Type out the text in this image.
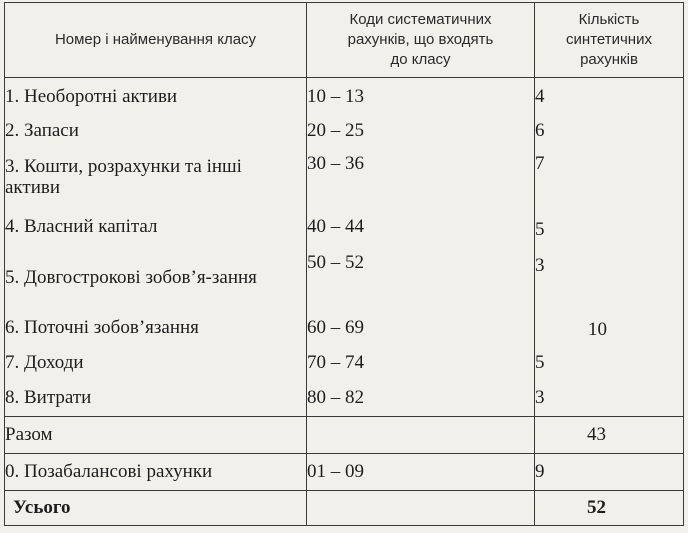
Номер і найменування класу	Коди систематичних рахунків, що входять до класу	Кількість синтетичних рахунків
1. Необоротні активи	10 – 13	4
2. Запаси	20 – 25	6
3. Кошти, розрахунки та інші активи	30 – 36	7
4. Власний капітал	40 – 44	5
5. Довгострокові зобов’я-зання	50 – 52	3
6. Поточні зобов’язання	60 – 69	10
7. Доходи	70 – 74	5
8. Витрати	80 – 82	3
Разом		43
0. Позабалансові рахунки	01 – 09	9
Усього		52
